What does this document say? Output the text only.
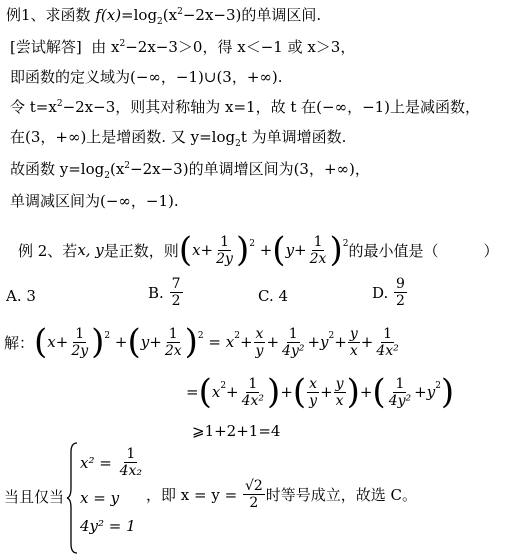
例1、求函数 $f(x)=\log_2(x^2-2x-3)$的单调区间.
[尝试解答] 由 $x^2-2x-3>0$，得 x＜−1 或 x＞3，
即函数的定义域为(−∞，−1)∪(3，+∞).
令 $t=x^2-2x-3$，则其对称轴为 x=1，故 t 在(−∞，−1)上是减函数，
在(3，+∞)上是增函数. 又 $y=\log_2t$ 为单调增函数.
故函数 $y=\log_2(x^2-2x-3)$的单调增区间为(3，+∞)，
单调减区间为(−∞，−1).
例 2、若 x, y 是正数，则 ( $x + \frac{1}{2y}$ ) 2 + ( $y + \frac{1}{2x}$ ) 2 的最小值是（　　　）
A. 3	B.
$\frac{7}{2}$	C. 4	D.
$\frac{9}{2}$
解： ( $x + \frac{1}{2y}$ ) 2 + ( $y + \frac{1}{2x}$ ) 2 = x $2 + \frac{x}{y} + \frac{1}{\text{4y²}} + y$ $2 + \frac{y}{x} + \frac{1}{\text{4x²}}$
= ( x $2 + \frac{1}{\text{4x²}}$ ) + ( $\frac{x}{y} + \frac{y}{x}$ ) + ( $\frac{1}{\text{4y²}} + y$ 2 )
⩾1+2+1=4
当且仅当
x² =
$\frac{1}{\text{4x₂}}$
x = y
4y² = 1
，即 x = y =
$\frac{√2}{2}$ 时等号成立，故选 C。
